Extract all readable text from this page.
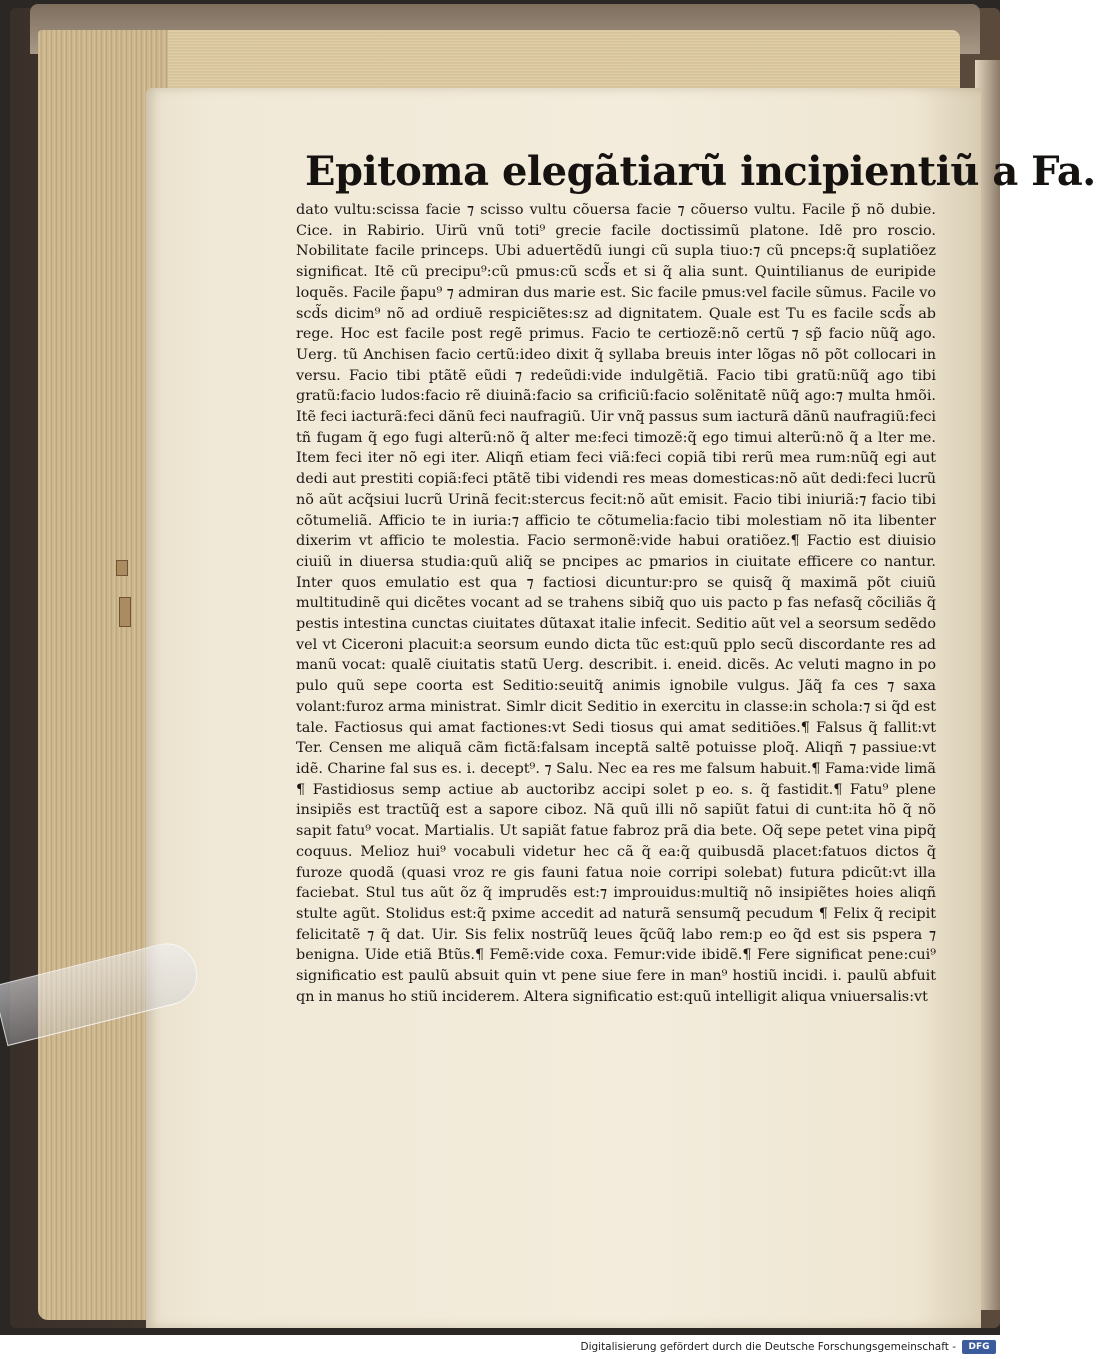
Epitoma elegãtiarũ incipientiũ a Fa.

dato vultu:scissa facie ⁊ scisso vultu cõuersa facie ⁊ cõuerso vultu. Facile p̃ nõ dubie. Cice. in Rabirio. Uirũ vnũ toti⁹ grecie facile doctissimũ platone. Idẽ pro roscio. Nobilitate facile princeps. Ubi aduertẽdũ iungi cũ supla tiuo:⁊ cũ pnceps:q̃ suplatiõez significat. Itẽ cũ precipu⁹:cũ pmus:cũ scd̃s et si q̃ alia sunt. Quintilianus de euripide loquẽs. Facile p̃apu⁹ ⁊ admiran dus marie est. Sic facile pmus:vel facile sũmus. Facile vo scd̃s dicim⁹ nõ ad ordiuẽ respiciẽtes:sz ad dignitatem. Quale est Tu es facile scd̃s ab rege. Hoc est facile post regẽ primus. Facio te certiozẽ:nõ certũ ⁊ sp̃ facio nũq̃ ago. Uerg. tũ Anchisen facio certũ:ideo dixit q̃ syllaba breuis inter lõgas nõ põt collocari in versu. Facio tibi ptãtẽ eũdi ⁊ redeũdi:vide indulgẽtiã. Facio tibi gratũ:nũq̃ ago tibi gratũ:facio ludos:facio rẽ diuinã:facio sa crificiũ:facio solẽnitatẽ nũq̃ ago:⁊ multa hmõi. Itẽ feci iacturã:feci dãnũ feci naufragiũ. Uir vnq̃ passus sum iacturã dãnũ naufragiũ:feci tñ fugam q̃ ego fugi alterũ:nõ q̃ alter me:feci timozẽ:q̃ ego timui alterũ:nõ q̃ a lter me. Item feci iter nõ egi iter. Aliqñ etiam feci viã:feci copiã tibi rerũ mea rum:nũq̃ egi aut dedi aut prestiti copiã:feci ptãtẽ tibi videndi res meas domesticas:nõ aũt dedi:feci lucrũ nõ aũt acq̃siui lucrũ Urinã fecit:stercus fecit:nõ aũt emisit. Facio tibi iniuriã:⁊ facio tibi cõtumeliã. Afficio te in iuria:⁊ afficio te cõtumelia:facio tibi molestiam nõ ita libenter dixerim vt afficio te molestia. Facio sermonẽ:vide habui oratiõez.¶ Factio est diuisio ciuiũ in diuersa studia:quũ aliq̃ se pncipes ac pmarios in ciuitate efficere co nantur. Inter quos emulatio est qua ⁊ factiosi dicuntur:pro se quisq̃ q̃ maximã põt ciuiũ multitudinẽ qui dicẽtes vocant ad se trahens sibiq̃ quo uis pacto p fas nefasq̃ cõciliãs q̃ pestis intestina cunctas ciuitates dũtaxat italie infecit. Seditio aũt vel a seorsum sedẽdo vel vt Ciceroni placuit:a seorsum eundo dicta tũc est:quũ pplo secũ discordante res ad manũ vocat: qualẽ ciuitatis statũ Uerg. describit. i. eneid. dicẽs. Ac veluti magno in po pulo quũ sepe coorta est Seditio:seuitq̃ animis ignobile vulgus. Jãq̃ fa ces ⁊ saxa volant:furoz arma ministrat. Simlr dicit Seditio in exercitu in classe:in schola:⁊ si q̃d est tale. Factiosus qui amat factiones:vt Sedi tiosus qui amat seditiões.¶ Falsus q̃ fallit:vt Ter. Censen me aliquã cãm fictã:falsam inceptã saltẽ potuisse ploq̃. Aliqñ ⁊ passiue:vt idẽ. Charine fal sus es. i. decept⁹. ⁊ Salu. Nec ea res me falsum habuit.¶ Fama:vide limã ¶ Fastidiosus semp actiue ab auctoribz accipi solet p eo. s. q̃ fastidit.¶ Fatu⁹ plene insipiẽs est tractũq̃ est a sapore ciboz. Nã quũ illi nõ sapiũt fatui di cunt:ita hõ q̃ nõ sapit fatu⁹ vocat. Martialis. Ut sapiãt fatue fabroz prã dia bete. Oq̃ sepe petet vina pipq̃ coquus. Melioz hui⁹ vocabuli videtur hec cã q̃ ea:q̃ quibusdã placet:fatuos dictos q̃ furoze quodã (quasi vroz re gis fauni fatua noie corripi solebat) futura pdicũt:vt illa faciebat. Stul tus aũt õz q̃ imprudẽs est:⁊ improuidus:multiq̃ nõ insipiẽtes hoies aliqñ stulte agũt. Stolidus est:q̃ pxime accedit ad naturã sensumq̃ pecudum ¶ Felix q̃ recipit felicitatẽ ⁊ q̃ dat. Uir. Sis felix nostrũq̃ leues q̃cũq̃ labo rem:p eo q̃d est sis pspera ⁊ benigna. Uide etiã Btũs.¶ Femẽ:vide coxa. Femur:vide ibidẽ.¶ Fere significat pene:cui⁹ significatio est paulũ absuit quin vt pene siue fere in man⁹ hostiũ incidi. i. paulũ abfuit qn in manus ho stiũ inciderem. Altera significatio est:quũ intelligit aliqua vniuersalis:vt

Digitalisierung gefördert durch die Deutsche Forschungsgemeinschaft -	DFG
